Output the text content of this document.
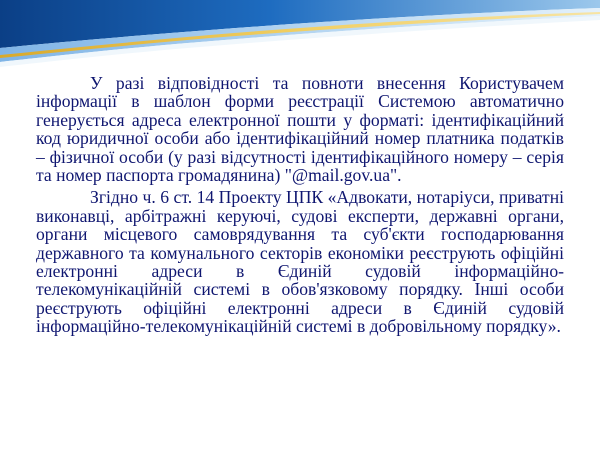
У разі відповідності та повноти внесення Користувачем інформації в шаблон форми реєстрації Системою автоматично генерується адреса електронної пошти у форматі: ідентифікаційний код юридичної особи або ідентифікаційний номер платника податків – фізичної особи (у разі відсутності ідентифікаційного номеру – серія та номер паспорта громадянина) "@mail.gov.ua".

Згідно ч. 6 ст. 14 Проекту ЦПК «Адвокати, нотаріуси, приватні виконавці, арбітражні керуючі, судові експерти, державні органи, органи місцевого самоврядування та суб'єкти господарювання державного та комунального секторів економіки реєструють офіційні електронні адреси в Єдиній судовій інформаційно-телекомунікаційній системі в обов'язковому порядку. Інші особи реєструють офіційні електронні адреси в Єдиній судовій інформаційно-телекомунікаційній системі в добровільному порядку».
